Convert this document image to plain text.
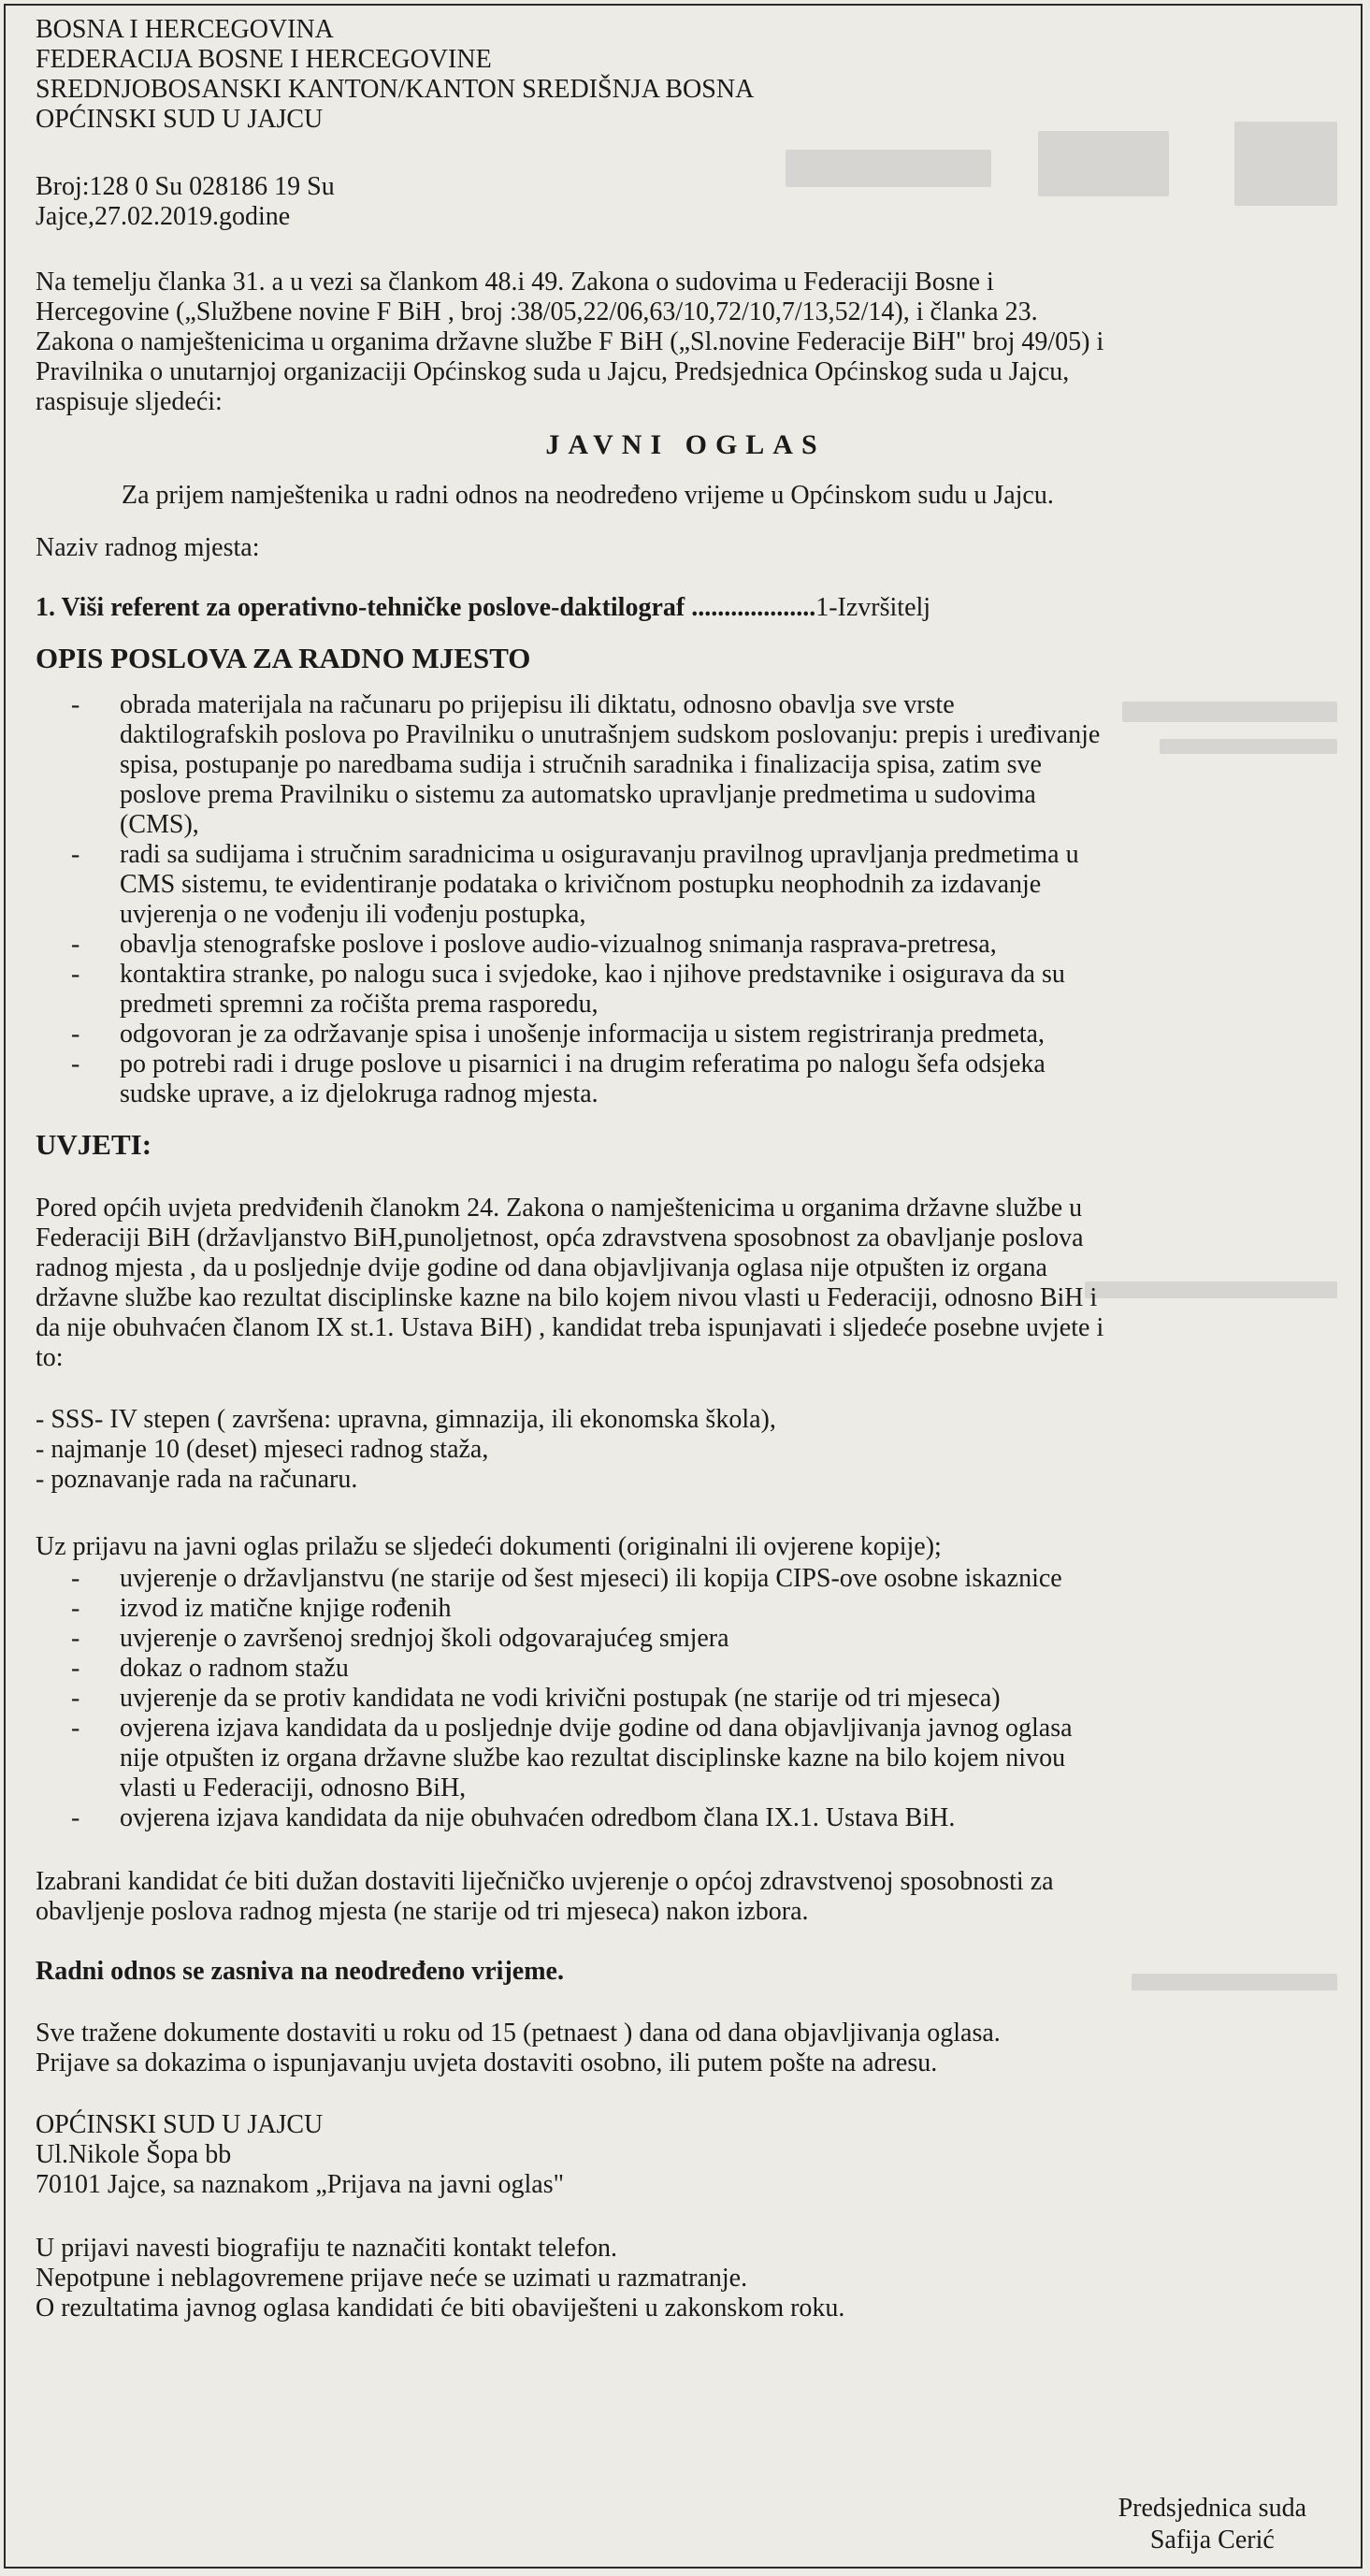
BOSNA I HERCEGOVINA
FEDERACIJA BOSNE I HERCEGOVINE
SREDNJOBOSANSKI KANTON/KANTON SREDIŠNJA BOSNA
OPĆINSKI SUD U JAJCU
Broj:128 0 Su 028186 19 Su
Jajce,27.02.2019.godine

Na temelju članka 31. a u vezi sa člankom 48.i 49. Zakona o sudovima u Federaciji Bosne i
Hercegovine („Službene novine F BiH , broj :38/05,22/06,63/10,72/10,7/13,52/14), i članka 23.
Zakona o namještenicima u organima državne službe F BiH („Sl.novine Federacije BiH" broj 49/05) i
Pravilnika o unutarnjoj organizaciji Općinskog suda u Jajcu, Predsjednica Općinskog suda u Jajcu,
raspisuje sljedeći:

JAVNI OGLAS

Za prijem namještenika u radni odnos na neodređeno vrijeme u Općinskom sudu u Jajcu.

Naziv radnog mjesta:

1. Viši referent za operativno-tehničke poslove-daktilograf ...................1-Izvršitelj

OPIS POSLOVA ZA RADNO MJESTO

- obrada materijala na računaru po prijepisu ili diktatu, odnosno obavlja sve vrste
daktilografskih poslova po Pravilniku o unutrašnjem sudskom poslovanju: prepis i uređivanje
spisa, postupanje po naredbama sudija i stručnih saradnika i finalizacija spisa, zatim sve
poslove prema Pravilniku o sistemu za automatsko upravljanje predmetima u sudovima
(CMS),
- radi sa sudijama i stručnim saradnicima u osiguravanju pravilnog upravljanja predmetima u
CMS sistemu, te evidentiranje podataka o krivičnom postupku neophodnih za izdavanje
uvjerenja o ne vođenju ili vođenju postupka,
- obavlja stenografske poslove i poslove audio-vizualnog snimanja rasprava-pretresa,
- kontaktira stranke, po nalogu suca i svjedoke, kao i njihove predstavnike i osigurava da su
predmeti spremni za ročišta prema rasporedu,
- odgovoran je za održavanje spisa i unošenje informacija u sistem registriranja predmeta,
- po potrebi radi i druge poslove u pisarnici i na drugim referatima po nalogu šefa odsjeka
sudske uprave, a iz djelokruga radnog mjesta.

UVJETI:

Pored općih uvjeta predviđenih članokm 24. Zakona o namještenicima u organima državne službe u
Federaciji BiH (državljanstvo BiH,punoljetnost, opća zdravstvena sposobnost za obavljanje poslova
radnog mjesta , da u posljednje dvije godine od dana objavljivanja oglasa nije otpušten iz organa
državne službe kao rezultat disciplinske kazne na bilo kojem nivou vlasti u Federaciji, odnosno BiH i
da nije obuhvaćen članom IX st.1. Ustava BiH) , kandidat treba ispunjavati i sljedeće posebne uvjete i
to:

- SSS- IV stepen ( završena: upravna, gimnazija, ili ekonomska škola),
- najmanje 10 (deset) mjeseci radnog staža,
- poznavanje rada na računaru.

Uz prijavu na javni oglas prilažu se sljedeći dokumenti (originalni ili ovjerene kopije);

- uvjerenje o državljanstvu (ne starije od šest mjeseci) ili kopija CIPS-ove osobne iskaznice
- izvod iz matične knjige rođenih
- uvjerenje o završenoj srednjoj školi odgovarajućeg smjera
- dokaz o radnom stažu
- uvjerenje da se protiv kandidata ne vodi krivični postupak (ne starije od tri mjeseca)
- ovjerena izjava kandidata da u posljednje dvije godine od dana objavljivanja javnog oglasa
nije otpušten iz organa državne službe kao rezultat disciplinske kazne na bilo kojem nivou
vlasti u Federaciji, odnosno BiH,
- ovjerena izjava kandidata da nije obuhvaćen odredbom člana IX.1. Ustava BiH.

Izabrani kandidat će biti dužan dostaviti liječničko uvjerenje o općoj zdravstvenoj sposobnosti za
obavljenje poslova radnog mjesta (ne starije od tri mjeseca) nakon izbora.

Radni odnos se zasniva na neodređeno vrijeme.

Sve tražene dokumente dostaviti u roku od 15 (petnaest ) dana od dana objavljivanja oglasa.
Prijave sa dokazima o ispunjavanju uvjeta dostaviti osobno, ili putem pošte na adresu.

OPĆINSKI SUD U JAJCU
Ul.Nikole Šopa bb
70101 Jajce, sa naznakom „Prijava na javni oglas"
U prijavi navesti biografiju te naznačiti kontakt telefon.
Nepotpune i neblagovremene prijave neće se uzimati u razmatranje.
O rezultatima javnog oglasa kandidati će biti obaviješteni u zakonskom roku.
Predsjednica suda
Safija Cerić
